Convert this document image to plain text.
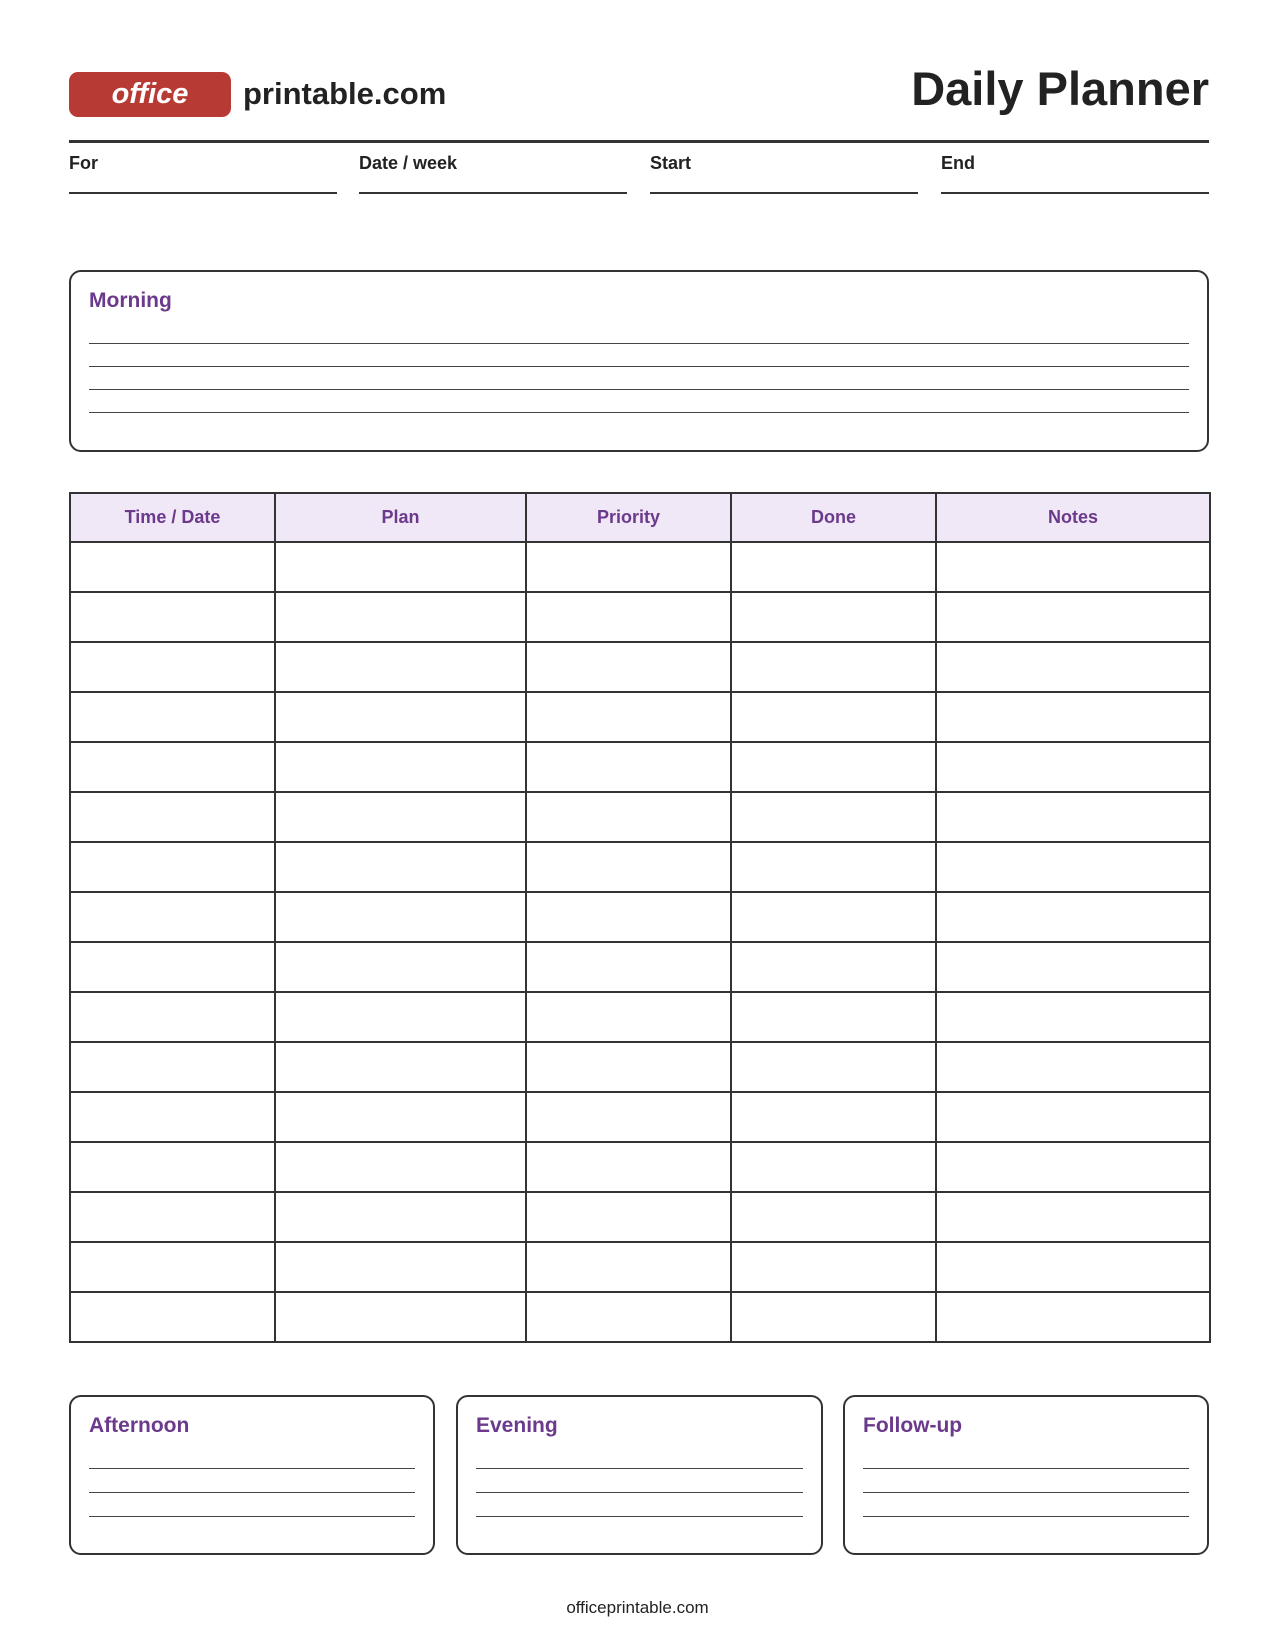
office	printable.com	Daily Planner
For	Date / week	Start	End
Morning
Time / Date	Plan	Priority	Done	Notes

Afternoon	Evening	Follow-up
officeprintable.com
